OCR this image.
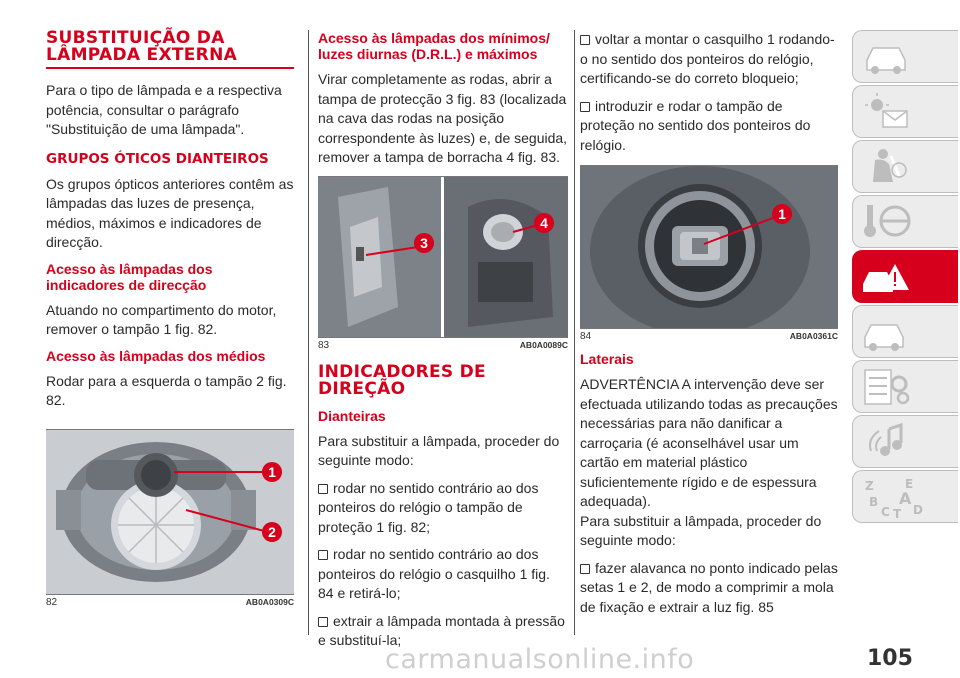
SUBSTITUIÇÃO DA LÂMPADA EXTERNA

Para o tipo de lâmpada e a respectiva potência, consultar o parágrafo "Substituição de uma lâmpada".

GRUPOS ÓTICOS DIANTEIROS

Os grupos ópticos anteriores contêm as lâmpadas das luzes de presença, médios, máximos e indicadores de direcção.

Acesso às lâmpadas dos indicadores de direcção

Atuando no compartimento do motor, remover o tampão 1 fig. 82.

Acesso às lâmpadas dos médios

Rodar para a esquerda o tampão 2 fig. 82.

1
2
82	AB0A0309C
Acesso às lâmpadas dos mínimos/ luzes diurnas (D.R.L.) e máximos

Virar completamente as rodas, abrir a tampa de protecção 3 fig. 83 (localizada na cava das rodas na posição correspondente às luzes) e, de seguida, remover a tampa de borracha 4 fig. 83.

3
4
83	AB0A0089C
INDICADORES DE DIREÇÃO
Dianteiras

Para substituir a lâmpada, proceder do seguinte modo:

rodar no sentido contrário ao dos ponteiros do relógio o tampão de proteção 1 fig. 82;
rodar no sentido contrário ao dos ponteiros do relógio o casquilho 1 fig. 84 e retirá-lo;
extrair a lâmpada montada à pressão e substituí-la;
voltar a montar o casquilho 1 rodando-o no sentido dos ponteiros do relógio, certificando-se do correto bloqueio;
introduzir e rodar o tampão de proteção no sentido dos ponteiros do relógio.
1
84	AB0A0361C
Laterais

ADVERTÊNCIA A intervenção deve ser efectuada utilizando todas as precauções necessárias para não danificar a carroçaria (é aconselhável usar um cartão em material plástico suficientemente rígido e de espessura adequada).

Para substituir a lâmpada, proceder do seguinte modo:

fazer alavanca no ponto indicado pelas setas 1 e 2, de modo a comprimir a mola de fixação e extrair a luz fig. 85
Z	E
B A
C T D
105
carmanualsonline.info
